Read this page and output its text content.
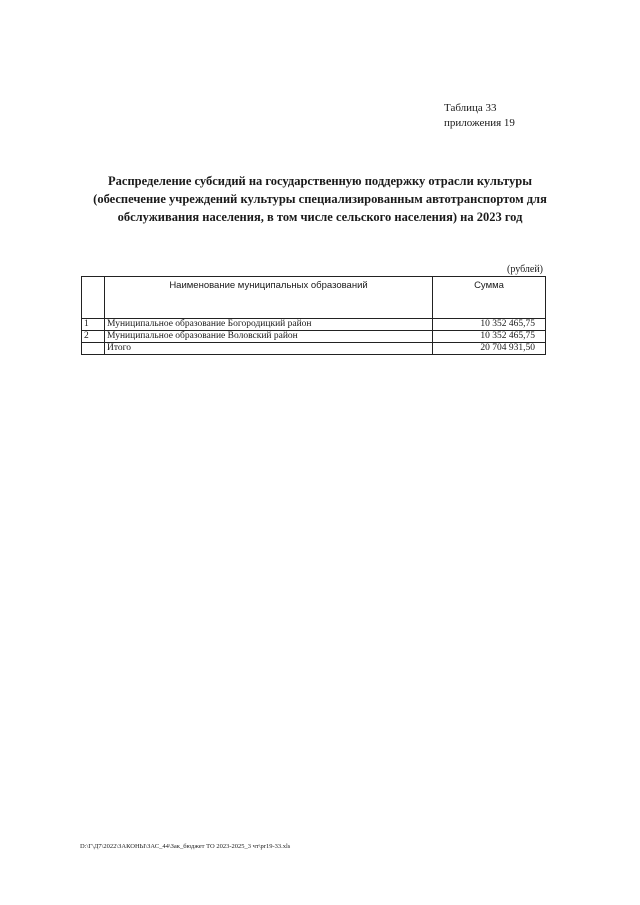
Таблица 33
приложения 19
Распределение субсидий на государственную поддержку отрасли культуры
(обеспечение учреждений культуры специализированным автотранспортом для
обслуживания населения, в том числе сельского населения) на 2023 год
(рублей)
	Наименование муниципальных образований	Сумма
1	Муниципальное образование Богородицкий район	10 352 465,75
2	Муниципальное образование Воловский район	10 352 465,75
	Итого	20 704 931,50
D:\Г\Д7\2022\ЗАКОНЫ\ЗАС_44\Зак_бюджет ТО 2023-2025_3 чт\pr19-33.xls
